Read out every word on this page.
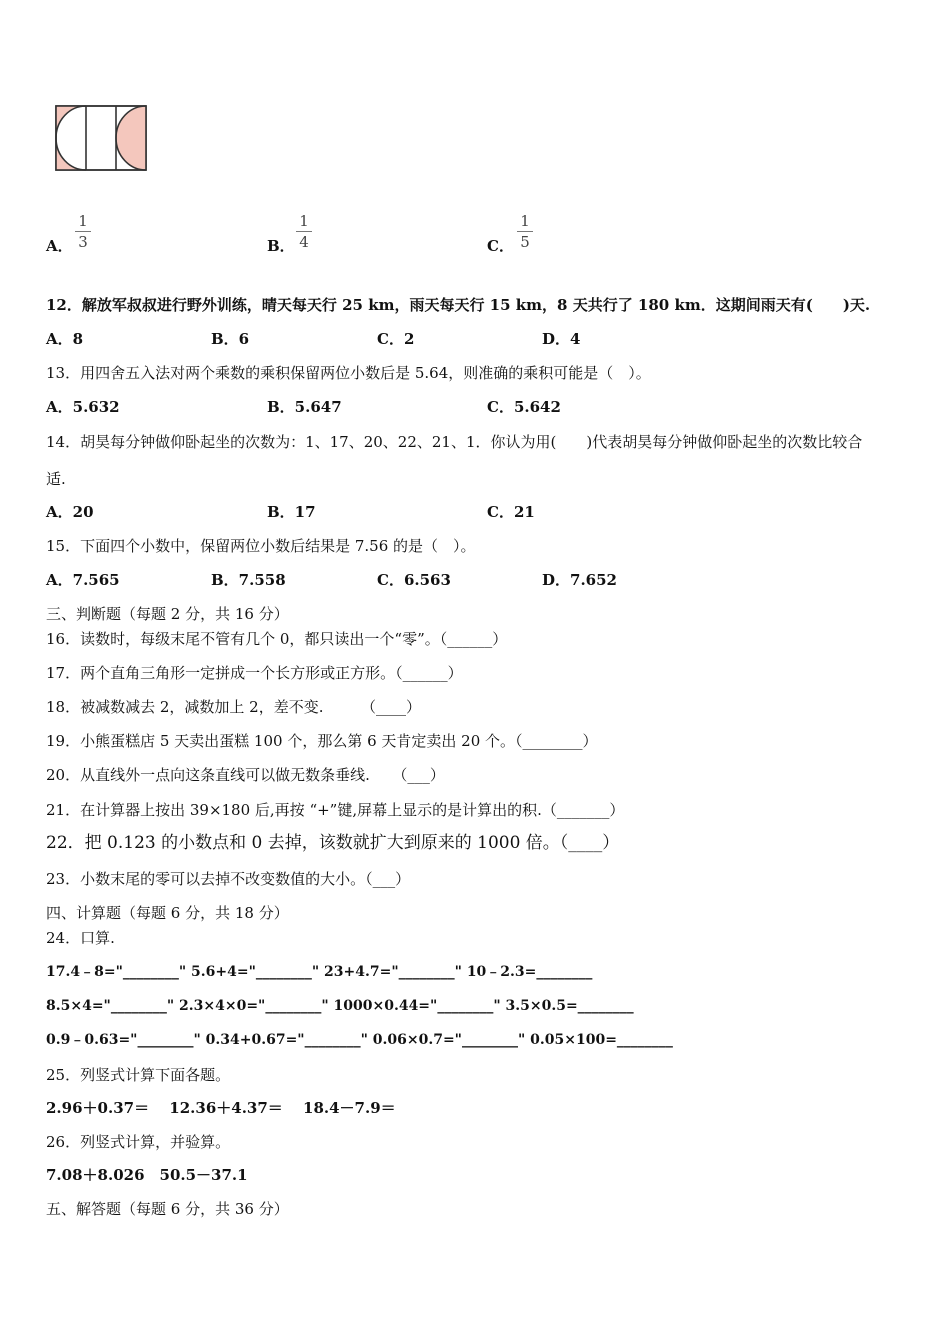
A．
1
3	B．
1
4	C．
1
5
12．解放军叔叔进行野外训练，晴天每天行 25 km，雨天每天行 15 km，8 天共行了 180 km．这期间雨天有(　　)天.
A．8	B．6	C．2	D．4
13．用四舍五入法对两个乘数的乘积保留两位小数后是 5.64，则准确的乘积可能是（　）。
A．5.632	B．5.647	C．5.642
14．胡昊每分钟做仰卧起坐的次数为：1、17、20、22、21、1．你认为用(　　)代表胡昊每分钟做仰卧起坐的次数比较合
适.
A．20	B．17	C．21
15．下面四个小数中，保留两位小数后结果是 7.56 的是（　）。
A．7.565	B．7.558	C．6.563	D．7.652
三、判断题（每题 2 分，共 16 分）
16．读数时，每级末尾不管有几个 0，都只读出一个“零”。（______）
17．两个直角三角形一定拼成一个长方形或正方形。（______）
18．被减数减去 2，减数加上 2，差不变.　　　（____）
19．小熊蛋糕店 5 天卖出蛋糕 100 个，那么第 6 天肯定卖出 20 个。（________）
20．从直线外一点向这条直线可以做无数条垂线.　　（___）
21．在计算器上按出 39×180 后,再按 “+”键,屏幕上显示的是计算出的积.（_______）
22．把 0.123 的小数点和 0 去掉，该数就扩大到原来的 1000 倍。（____）
23．小数末尾的零可以去掉不改变数值的大小。（___）
四、计算题（每题 6 分，共 18 分）
24．口算.
17.4﹣8="________" 5.6+4="________" 23+4.7="________" 10﹣2.3=________
8.5×4="________" 2.3×4×0="________" 1000×0.44="________" 3.5×0.5=________
0.9﹣0.63="________" 0.34+0.67="________" 0.06×0.7="________" 0.05×100=________
25．列竖式计算下面各题。
2.96＋0.37＝　 12.36＋4.37＝　 18.4－7.9＝
26．列竖式计算，并验算。
7.08＋8.026　50.5－37.1
五、解答题（每题 6 分，共 36 分）
